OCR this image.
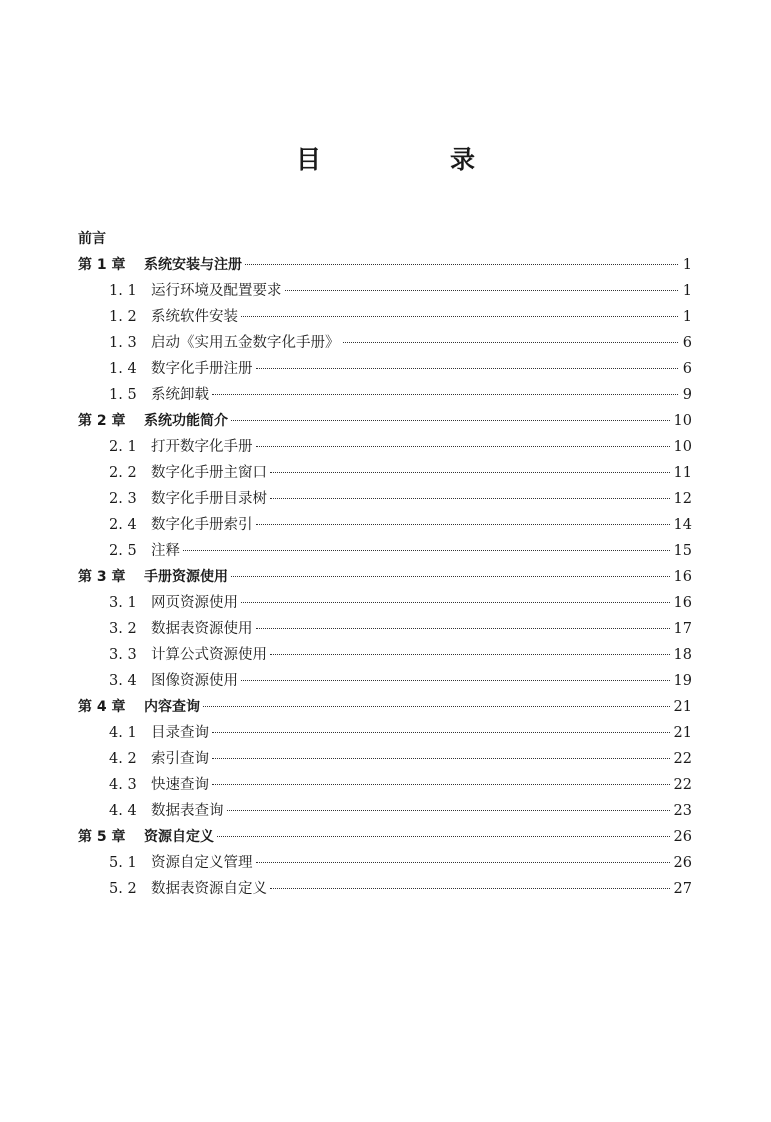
目　录
前言
第 1 章	系统安装与注册	1
1. 1 运行环境及配置要求	1
1. 2 系统软件安装	1
1. 3 启动《实用五金数字化手册》	6
1. 4 数字化手册注册	6
1. 5 系统卸载	9
第 2 章	系统功能简介	10
2. 1 打开数字化手册	10
2. 2 数字化手册主窗口	11
2. 3 数字化手册目录树	12
2. 4 数字化手册索引	14
2. 5 注释	15
第 3 章	手册资源使用	16
3. 1 网页资源使用	16
3. 2 数据表资源使用	17
3. 3 计算公式资源使用	18
3. 4 图像资源使用	19
第 4 章	内容查询	21
4. 1 目录查询	21
4. 2 索引查询	22
4. 3 快速查询	22
4. 4 数据表查询	23
第 5 章	资源自定义	26
5. 1 资源自定义管理	26
5. 2 数据表资源自定义	27
